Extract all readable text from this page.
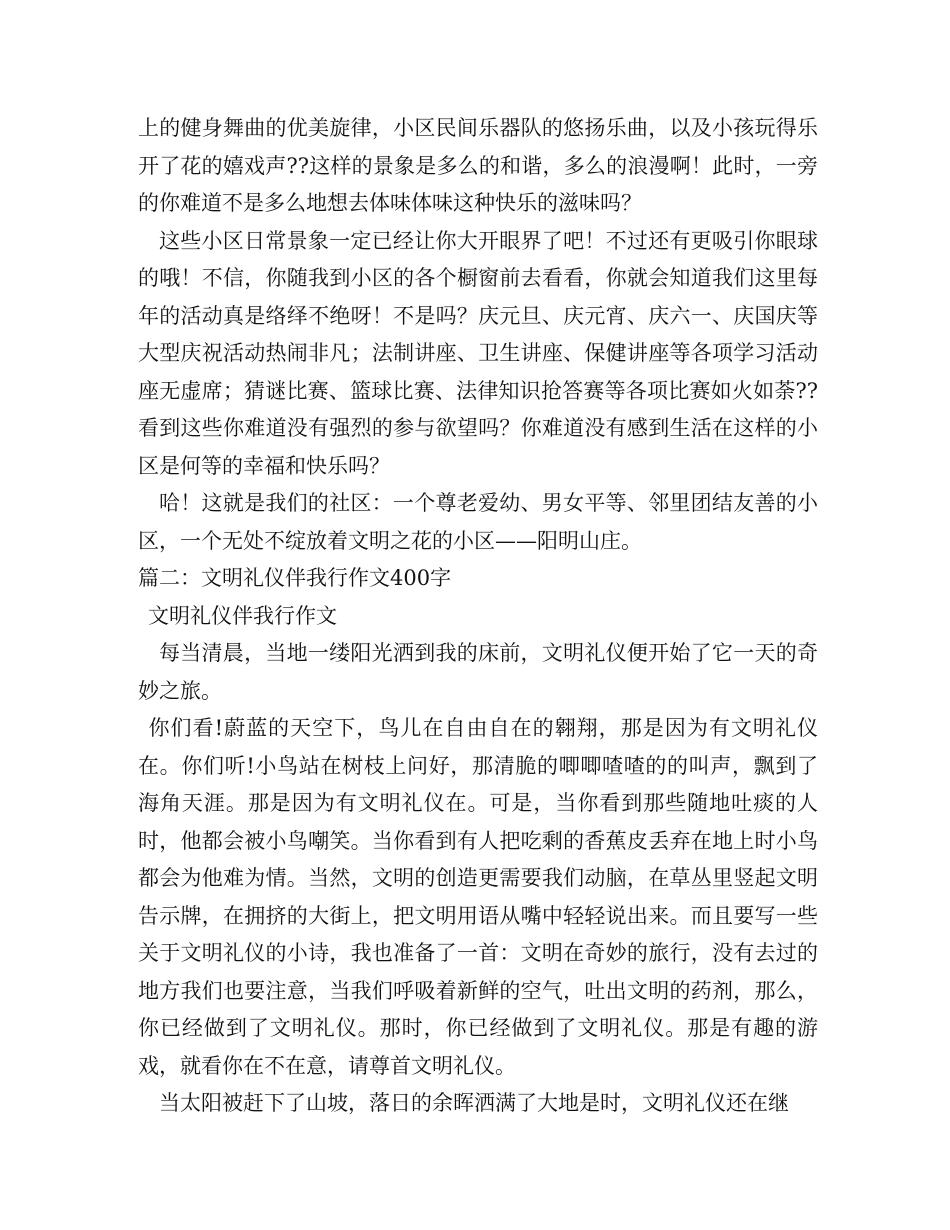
上的健身舞曲的优美旋律，小区民间乐器队的悠扬乐曲，以及小孩玩得乐开了花的嬉戏声??这样的景象是多么的和谐，多么的浪漫啊！此时，一旁的你难道不是多么地想去体味体味这种快乐的滋味吗？

这些小区日常景象一定已经让你大开眼界了吧！不过还有更吸引你眼球的哦！不信，你随我到小区的各个橱窗前去看看，你就会知道我们这里每年的活动真是络绎不绝呀！不是吗？庆元旦、庆元宵、庆六一、庆国庆等大型庆祝活动热闹非凡；法制讲座、卫生讲座、保健讲座等各项学习活动座无虚席；猜谜比赛、篮球比赛、法律知识抢答赛等各项比赛如火如荼??看到这些你难道没有强烈的参与欲望吗？你难道没有感到生活在这样的小区是何等的幸福和快乐吗？

哈！这就是我们的社区：一个尊老爱幼、男女平等、邻里团结友善的小区，一个无处不绽放着文明之花的小区——阳明山庄。

篇二：文明礼仪伴我行作文400字
文明礼仪伴我行作文

每当清晨，当地一缕阳光洒到我的床前，文明礼仪便开始了它一天的奇妙之旅。

你们看!蔚蓝的天空下，鸟儿在自由自在的翱翔，那是因为有文明礼仪在。你们听!小鸟站在树枝上问好，那清脆的唧唧喳喳的的叫声，飘到了海角天涯。那是因为有文明礼仪在。可是，当你看到那些随地吐痰的人时，他都会被小鸟嘲笑。当你看到有人把吃剩的香蕉皮丢弃在地上时小鸟都会为他难为情。当然，文明的创造更需要我们动脑，在草丛里竖起文明告示牌，在拥挤的大街上，把文明用语从嘴中轻轻说出来。而且要写一些关于文明礼仪的小诗，我也准备了一首：文明在奇妙的旅行，没有去过的地方我们也要注意，当我们呼吸着新鲜的空气，吐出文明的药剂，那么，你已经做到了文明礼仪。那时，你已经做到了文明礼仪。那是有趣的游戏，就看你在不在意，请尊首文明礼仪。

当太阳被赶下了山坡，落日的余晖洒满了大地是时，文明礼仪还在继
